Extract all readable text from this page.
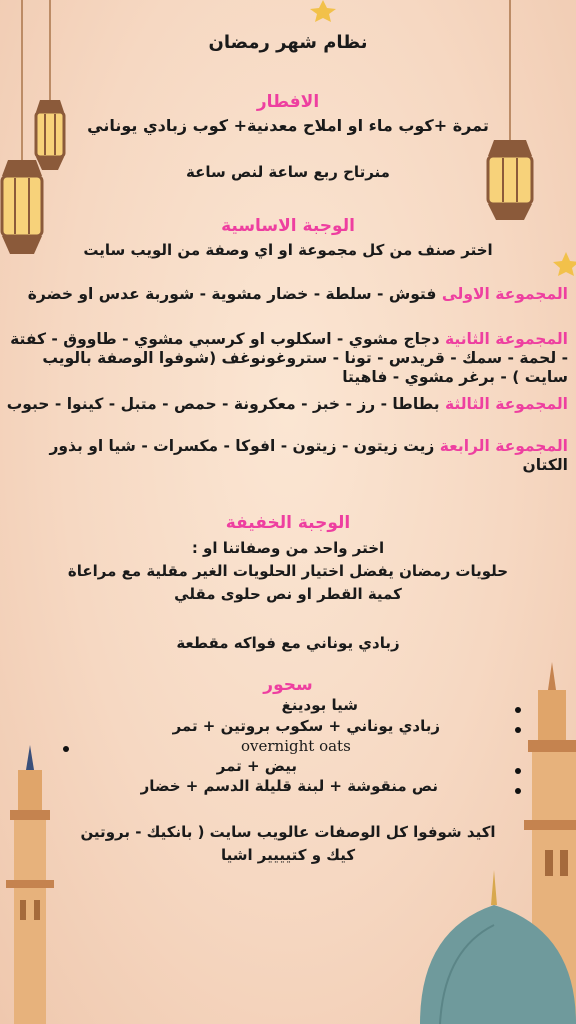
نظام شهر رمضان
الافطار
تمرة +كوب ماء او املاح معدنية+ كوب زبادي يوناني
منرتاح ربع ساعة لنص ساعة
الوجبة الاساسية
اختر صنف من كل مجموعة او اي وصفة من الويب سايت
المجموعة الاولى فتوش - سلطة - خضار مشوية - شوربة عدس او خضرة
المجموعة الثانية دجاج مشوي - اسكلوب او كرسبي مشوي - طاووق - كفتة - لحمة - سمك - قريدس - تونا - ستروغونوغف (شوفوا الوصفة بالويب سايت ) - برغر مشوي - فاهيتا
المجموعة الثالثة بطاطا - رز - خبز - معكرونة - حمص - متبل - كينوا - حبوب
المجموعة الرابعة زيت زيتون - زيتون - افوكا - مكسرات - شيا او بذور الكتان
الوجبة الخفيفة
اختر واحد من وصفاتنا او :
حلويات رمضان يفضل اختيار الحلويات الغير مقلية مع مراعاة
كمية القطر او نص حلوى مقلي
زبادي يوناني مع فواكه مقطعة
سحور
شيا بودينغ
زبادي يوناني + سكوب بروتين + تمر
overnight oats
بيض + تمر
نص منقوشة + لبنة قليلة الدسم + خضار
اكيد شوفوا كل الوصفات عالويب سايت ( بانكيك - بروتين
كيك و كتيييير اشيا
